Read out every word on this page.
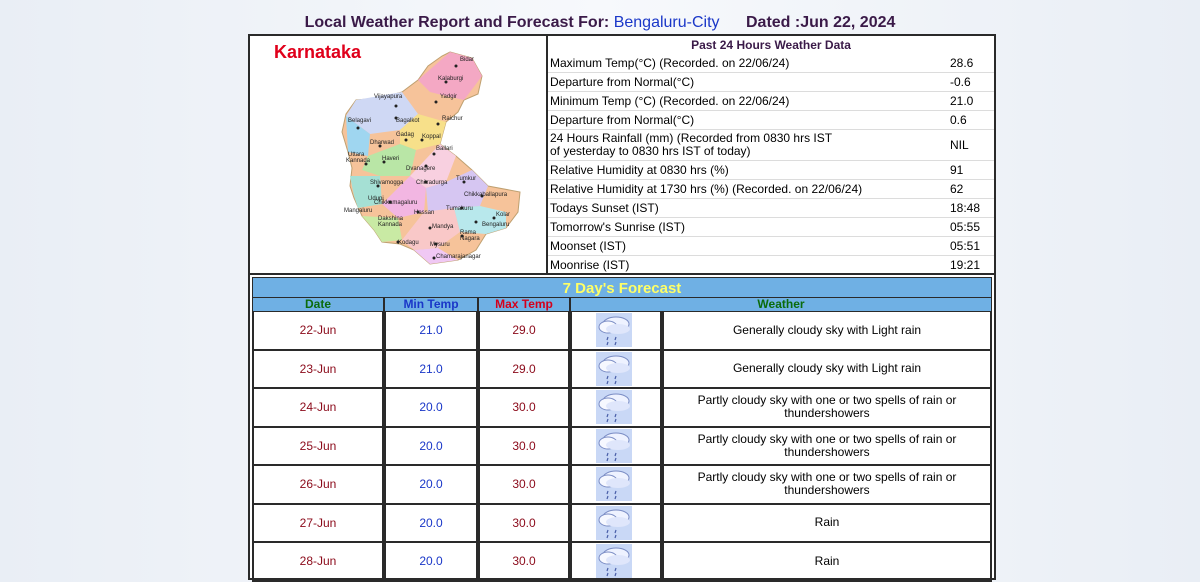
Local Weather Report and Forecast For: Bengaluru-City Dated :Jun 22, 2024
Bidar
Kalaburgi
Vijayapura	Yadgir
Belagavi	Bagalkot	Raichur
Gadag Koppal
Dharwad
Ballari
Uttara
Kannada Haveri
Dvanagere
Tumkur
Shivamogga Chitradurga
Chikkaballapura
Udupi
Chikkamagaluru
Mangaluru
Dakshina
Kannada
Hassan
Tumakuru
Kolar
Mandya	Bengaluru
Rama
Nagara
Kodagu Mysuru
Chamarajanagar
Karnataka	Past 24 Hours Weather Data
Maximum Temp(°C) (Recorded. on 22/06/24)	28.6
Departure from Normal(°C)	-0.6
Minimum Temp (°C) (Recorded. on 22/06/24)	21.0
Departure from Normal(°C)	0.6
24 Hours Rainfall (mm) (Recorded from 0830 hrs IST
of yesterday to 0830 hrs IST of today)	NIL
Relative Humidity at 0830 hrs (%)	91
Relative Humidity at 1730 hrs (%) (Recorded. on 22/06/24)	62
Todays Sunset (IST)	18:48
Tomorrow's Sunrise (IST)	05:55
Moonset (IST)	05:51
Moonrise (IST)	19:21
7 Day's Forecast
Date	Min Temp	Max Temp	Weather
22-Jun	21.0	29.0	Generally cloudy sky with Light rain
23-Jun	21.0	29.0	Generally cloudy sky with Light rain
24-Jun	20.0	30.0	Partly cloudy sky with one or two spells of rain or thundershowers
25-Jun	20.0	30.0	Partly cloudy sky with one or two spells of rain or thundershowers
26-Jun	20.0	30.0	Partly cloudy sky with one or two spells of rain or thundershowers
27-Jun	20.0	30.0	Rain
28-Jun	20.0	30.0	Rain
